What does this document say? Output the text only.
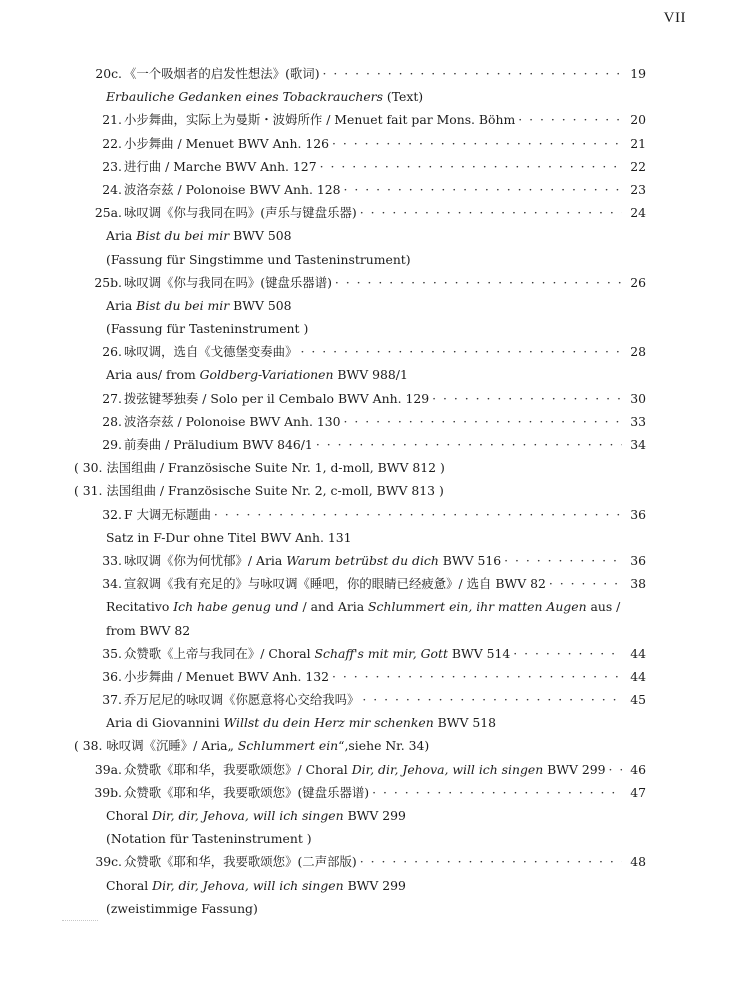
VII
20c. 《一个吸烟者的启发性想法》(歌词) · · ·	19
Erbauliche Gedanken eines Tobackrauchers (Text)
21. 小步舞曲，实际上为曼斯・波姆所作 / Menuet fait par Mons. Böhm · · ·	20
22. 小步舞曲 / Menuet BWV Anh. 126 · · ·	21
23. 进行曲 / Marche BWV Anh. 127 · · ·	22
24. 波洛奈兹 / Polonoise BWV Anh. 128 · · ·	23
25a. 咏叹调《你与我同在吗》(声乐与键盘乐器) · · ·	24
Aria Bist du bei mir BWV 508
(Fassung für Singstimme und Tasteninstrument)
25b. 咏叹调《你与我同在吗》(键盘乐器谱) · · ·	26
Aria Bist du bei mir BWV 508
(Fassung für Tasteninstrument )
26. 咏叹调，选自《戈德堡变奏曲》 · · ·	28
Aria aus/ from Goldberg-Variationen BWV 988/1
27. 拨弦键琴独奏 / Solo per il Cembalo BWV Anh. 129 · · ·	30
28. 波洛奈兹 / Polonoise BWV Anh. 130 · · ·	33
29. 前奏曲 / Präludium BWV 846/1 · · ·	34
( 30. 法国组曲 / Französische Suite Nr. 1, d-moll, BWV 812 )
( 31. 法国组曲 / Französische Suite Nr. 2, c-moll, BWV 813 )
32. F 大调无标题曲 · · ·	36
Satz in F-Dur ohne Titel BWV Anh. 131
33. 咏叹调《你为何忧郁》/ Aria Warum betrübst du dich BWV 516 · · ·	36
34. 宣叙调《我有充足的》与咏叹调《睡吧，你的眼睛已经疲惫》/ 选自 BWV 82 · · ·	38
Recitativo Ich habe genug und / and Aria Schlummert ein, ihr matten Augen aus /
from BWV 82
35. 众赞歌《上帝与我同在》/ Choral Schaff's mit mir, Gott BWV 514 · · ·	44
36. 小步舞曲 / Menuet BWV Anh. 132 · · ·	44
37. 乔万尼尼的咏叹调《你愿意将心交给我吗》 · · ·	45
Aria di Giovannini Willst du dein Herz mir schenken BWV 518
( 38. 咏叹调《沉睡》/ Aria„ Schlummert ein“,siehe Nr. 34)
39a. 众赞歌《耶和华，我要歌颂您》/ Choral Dir, dir, Jehova, will ich singen BWV 299 · · ·	46
39b. 众赞歌《耶和华，我要歌颂您》(键盘乐器谱) · · ·	47
Choral Dir, dir, Jehova, will ich singen BWV 299
(Notation für Tasteninstrument )
39c. 众赞歌《耶和华，我要歌颂您》(二声部版) · · ·	48
Choral Dir, dir, Jehova, will ich singen BWV 299
(zweistimmige Fassung)
